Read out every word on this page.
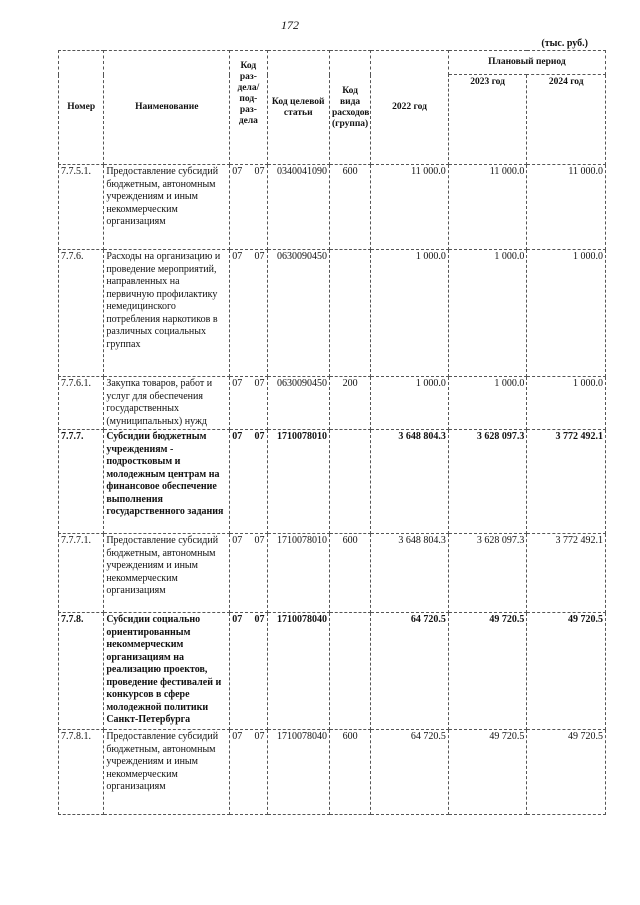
172
(тыс. руб.)
Номер	Наименование	Код раз-дела/ под-раз-дела	Код целевой статьи	Код вида расходов (группа)	2022 год	Плановый период	
						2023 год	2024 год
7.7.5.1.	Предоставление субсидий бюджетным, автономным учреждениям и иным некоммерческим организациям	07 07	0340041090	600	11 000.0	11 000.0	11 000.0
7.7.6.	Расходы на организацию и проведение мероприятий, направленных на первичную профилактику немедицинского потребления наркотиков в различных социальных группах	07 07	0630090450		1 000.0	1 000.0	1 000.0
7.7.6.1.	Закупка товаров, работ и услуг для обеспечения государственных (муниципальных) нужд	07 07	0630090450	200	1 000.0	1 000.0	1 000.0
7.7.7.	Субсидии бюджетным учреждениям - подростковым и молодежным центрам на финансовое обеспечение выполнения государственного задания	07 07	1710078010		3 648 804.3	3 628 097.3	3 772 492.1
7.7.7.1.	Предоставление субсидий бюджетным, автономным учреждениям и иным некоммерческим организациям	07 07	1710078010	600	3 648 804.3	3 628 097.3	3 772 492.1
7.7.8.	Субсидии социально ориентированным некоммерческим организациям на реализацию проектов, проведение фестивалей и конкурсов в сфере молодежной политики Санкт-Петербурга	07 07	1710078040		64 720.5	49 720.5	49 720.5
7.7.8.1.	Предоставление субсидий бюджетным, автономным учреждениям и иным некоммерческим организациям	07 07	1710078040	600	64 720.5	49 720.5	49 720.5
